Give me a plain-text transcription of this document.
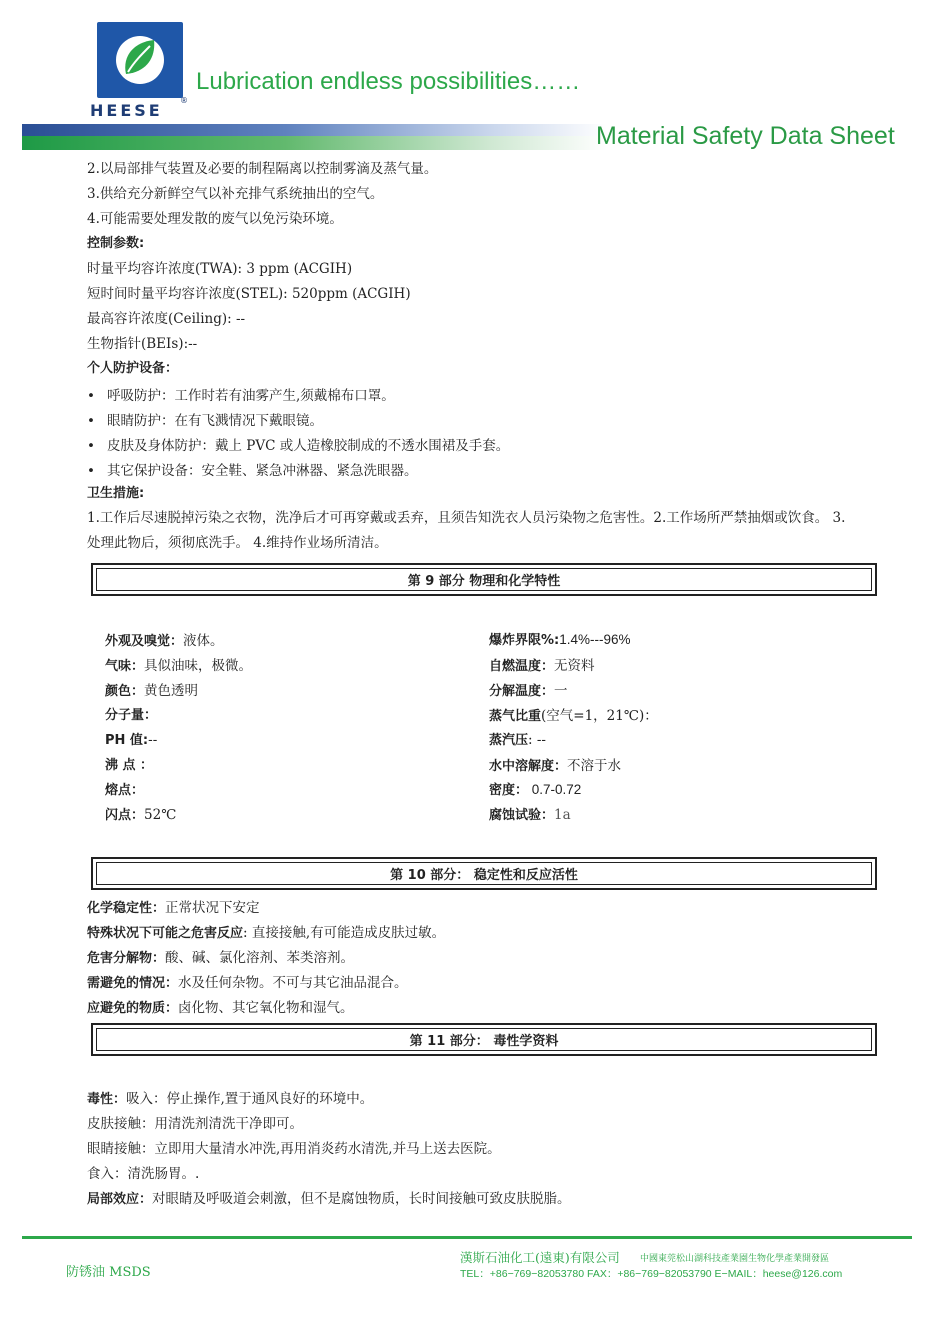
HEESE
®
Lubrication endless possibilities……
Material Safety Data Sheet
2.以局部排气装置及必要的制程隔离以控制雾滴及蒸气量。
3.供给充分新鲜空气以补充排气系统抽出的空气。
4.可能需要处理发散的废气以免污染环境。
控制参数:
时量平均容许浓度(TWA): 3 ppm (ACGIH)
短时间时量平均容许浓度(STEL): 520ppm (ACGIH)
最高容许浓度(Ceiling): --
生物指针(BEIs):--
个人防护设备：
• 呼吸防护：工作时若有油雾产生,须戴棉布口罩。
• 眼睛防护：在有飞溅情况下戴眼镜。
• 皮肤及身体防护：戴上 PVC 或人造橡胶制成的不透水围裙及手套。
• 其它保护设备：安全鞋、紧急冲淋器、紧急洗眼器。
卫生措施:
1.工作后尽速脱掉污染之衣物，洗净后才可再穿戴或丢弃，且须告知洗衣人员污染物之危害性。2.工作场所严禁抽烟或饮食。 3.
处理此物后，须彻底洗手。 4.维持作业场所清洁。
第 9 部分 物理和化学特性
外观及嗅觉：液体。
气味：具似油味，极微。
颜色：黄色透明
分子量：
PH 值:--
沸 点 ：
熔点：
闪点：52℃
爆炸界限%:1.4%---96%
自燃温度：无资料
分解温度：一
蒸气比重(空气=1，21℃)：
蒸汽压: --
水中溶解度：不溶于水
密度： 0.7-0.72
腐蚀试验：1a
第 10 部分： 稳定性和反应活性
化学稳定性：正常状况下安定
特殊状况下可能之危害反应: 直接接触,有可能造成皮肤过敏。
危害分解物：酸、碱、氯化溶剂、苯类溶剂。
需避免的情况：水及任何杂物。不可与其它油品混合。
应避免的物质：卤化物、其它氧化物和湿气。
第 11 部分： 毒性学资料
毒性：吸入：停止操作,置于通风良好的环境中。
皮肤接触：用清洗剂清洗干净即可。
眼睛接触：立即用大量清水冲洗,再用消炎药水清洗,并马上送去医院。
食入：清洗肠胃。.
局部效应：对眼睛及呼吸道会刺激，但不是腐蚀物质，长时间接触可致皮肤脱脂。
防锈油 MSDS
漢斯石油化工(遠東)有限公司 中國東莞松山湖科技產業園生物化學產業開發區
TEL：+86−769−82053780 FAX：+86−769−82053790 E−MAIL：heese@126.com
